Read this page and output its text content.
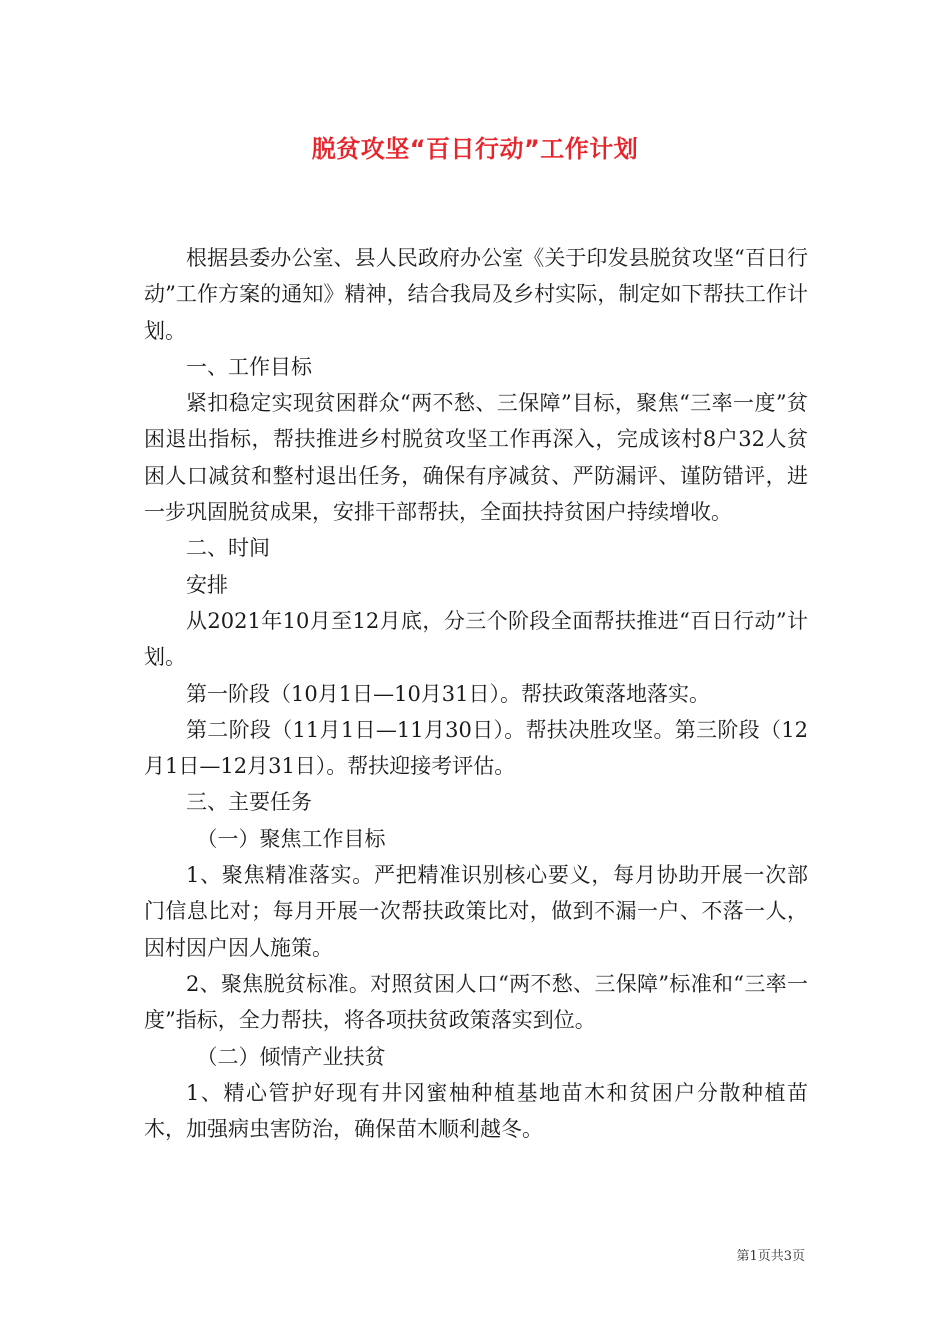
脱贫攻坚“百日行动”工作计划

根据县委办公室、县人民政府办公室《关于印发县脱贫攻坚“百日行动”工作方案的通知》精神，结合我局及乡村实际，制定如下帮扶工作计划。

一、工作目标

紧扣稳定实现贫困群众“两不愁、三保障”目标，聚焦“三率一度”贫困退出指标，帮扶推进乡村脱贫攻坚工作再深入，完成该村8户32人贫困人口减贫和整村退出任务，确保有序减贫、严防漏评、谨防错评，进一步巩固脱贫成果，安排干部帮扶，全面扶持贫困户持续增收。

二、时间

安排

从2021年10月至12月底，分三个阶段全面帮扶推进“百日行动”计划。

第一阶段（10月1日—10月31日）。帮扶政策落地落实。

第二阶段（11月1日—11月30日）。帮扶决胜攻坚。第三阶段（12月1日—12月31日）。帮扶迎接考评估。

三、主要任务

（一）聚焦工作目标

1、聚焦精准落实。严把精准识别核心要义，每月协助开展一次部门信息比对；每月开展一次帮扶政策比对，做到不漏一户、不落一人，因村因户因人施策。

2、聚焦脱贫标准。对照贫困人口“两不愁、三保障”标准和“三率一度”指标，全力帮扶，将各项扶贫政策落实到位。

（二）倾情产业扶贫

1、精心管护好现有井冈蜜柚种植基地苗木和贫困户分散种植苗木，加强病虫害防治，确保苗木顺利越冬。

第1页共3页
